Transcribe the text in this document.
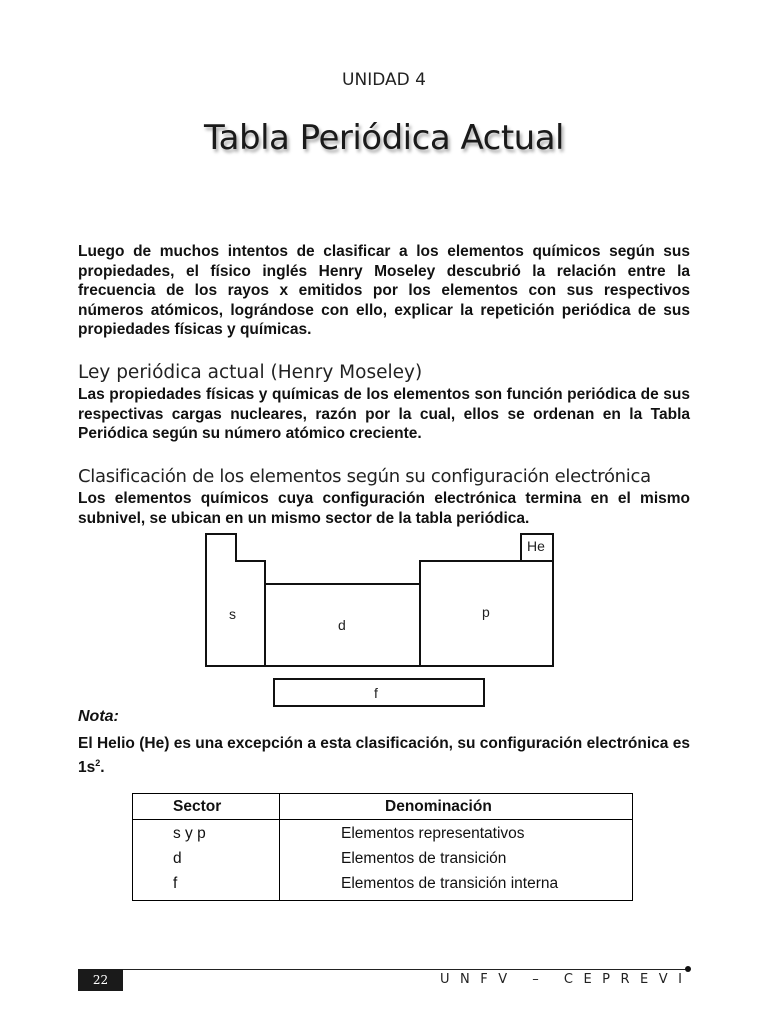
UNIDAD 4
Tabla Periódica Actual
Luego de muchos intentos de clasificar a los elementos químicos según sus propiedades, el físico inglés Henry Moseley descubrió la relación entre la frecuencia de los rayos x emitidos por los elementos con sus respectivos números atómicos, lográndose con ello, explicar la repetición periódica de sus propiedades físicas y químicas.
Ley periódica actual (Henry Moseley)
Las propiedades físicas y químicas de los elementos son función periódica de sus respectivas cargas nucleares, razón por la cual, ellos se ordenan en la Tabla Periódica según su número atómico creciente.
Clasificación de los elementos según su configuración electrónica
Los elementos químicos cuya configuración electrónica termina en el mismo subnivel, se ubican en un mismo sector de la tabla periódica.
s
d
p
He
f
Nota:
El Helio (He) es una excepción a esta clasificación, su configuración electrónica es $1s^2$.
Sector	Denominación
s y p	Elementos representativos
d	Elementos de transición
f	Elementos de transición interna
22	UNFV – CEPREVI
